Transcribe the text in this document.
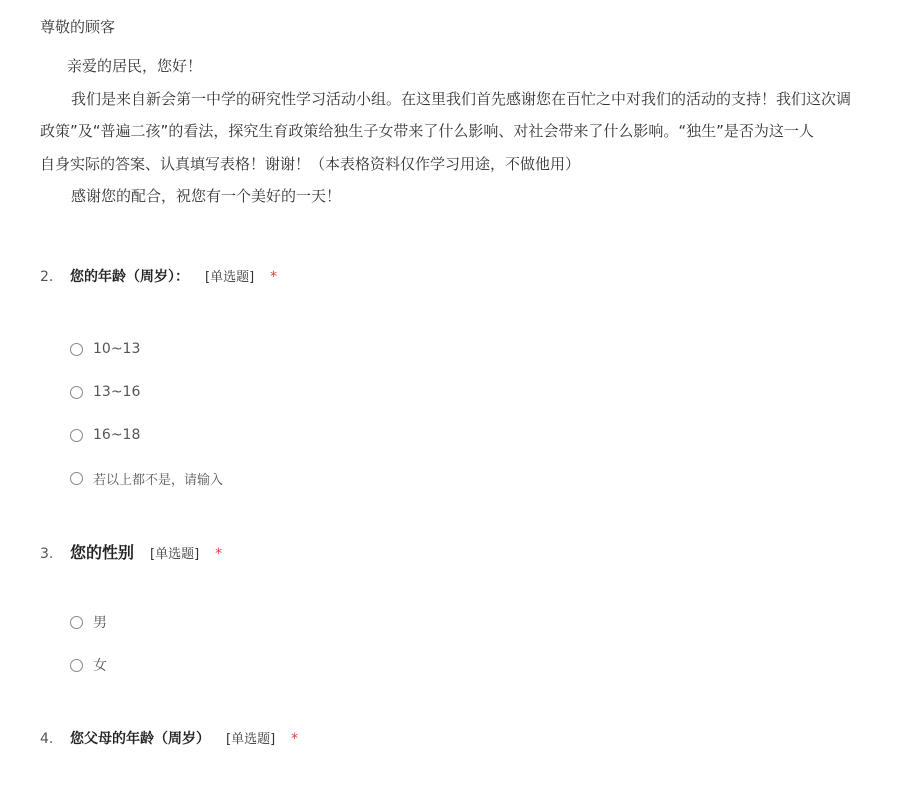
尊敬的顾客
亲爱的居民，您好！
我们是来自新会第一中学的研究性学习活动小组。在这里我们首先感谢您在百忙之中对我们的活动的支持！我们这次调
政策”及“普遍二孩”的看法，探究生育政策给独生子女带来了什么影响、对社会带来了什么影响。“独生”是否为这一人
自身实际的答案、认真填写表格！谢谢！（本表格资料仅作学习用途，不做他用）
感谢您的配合，祝您有一个美好的一天！
2.	您的年龄（周岁）： [单选题] *
10~13
13~16
16~18
若以上都不是，请输入
3.	您的性别 [单选题] *
男
女
4.	您父母的年龄（周岁） [单选题] *
